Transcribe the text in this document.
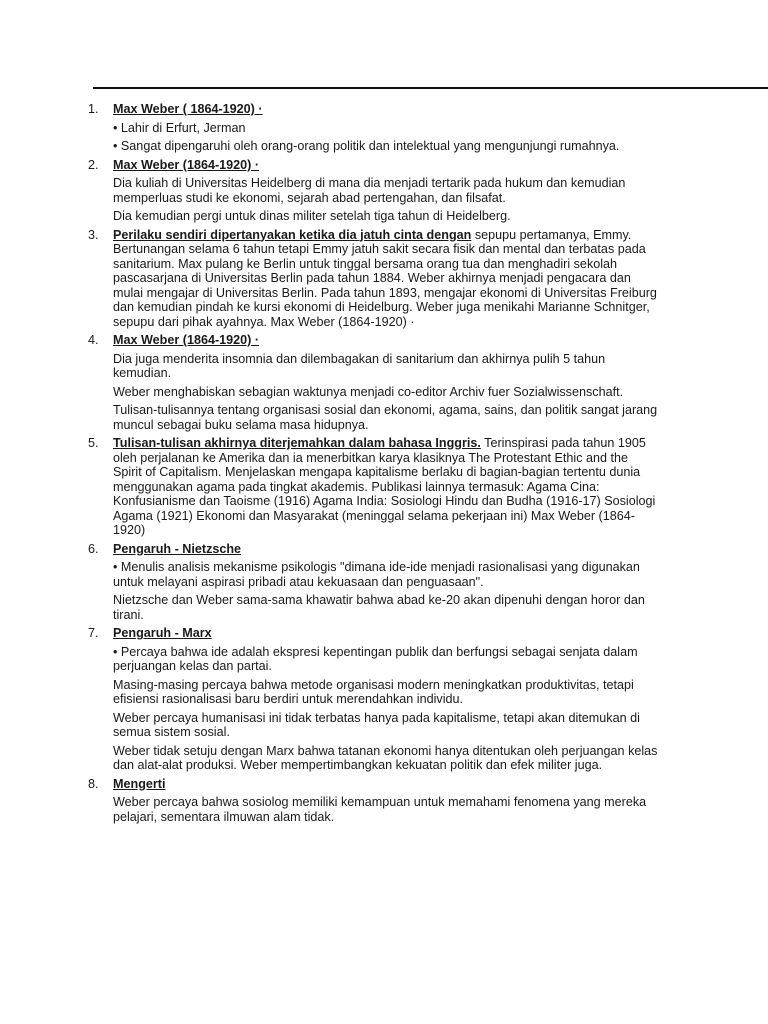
1.	Max Weber ( 1864-1920) ·

• Lahir di Erfurt, Jerman

• Sangat dipengaruhi oleh orang-orang politik dan intelektual yang mengunjungi rumahnya.

2.	Max Weber (1864-1920) ·

Dia kuliah di Universitas Heidelberg di mana dia menjadi tertarik pada hukum dan kemudian memperluas studi ke ekonomi, sejarah abad pertengahan, dan filsafat.

Dia kemudian pergi untuk dinas militer setelah tiga tahun di Heidelberg.

3.	Perilaku sendiri dipertanyakan ketika dia jatuh cinta dengan sepupu pertamanya, Emmy. Bertunangan selama 6 tahun tetapi Emmy jatuh sakit secara fisik dan mental dan terbatas pada sanitarium. Max pulang ke Berlin untuk tinggal bersama orang tua dan menghadiri sekolah pascasarjana di Universitas Berlin pada tahun 1884. Weber akhirnya menjadi pengacara dan mulai mengajar di Universitas Berlin. Pada tahun 1893, mengajar ekonomi di Universitas Freiburg dan kemudian pindah ke kursi ekonomi di Heidelburg. Weber juga menikahi Marianne Schnitger, sepupu dari pihak ayahnya. Max Weber (1864-1920) ·

4.	Max Weber (1864-1920) ·

Dia juga menderita insomnia dan dilembagakan di sanitarium dan akhirnya pulih 5 tahun kemudian.

Weber menghabiskan sebagian waktunya menjadi co-editor Archiv fuer Sozialwissenschaft.

Tulisan-tulisannya tentang organisasi sosial dan ekonomi, agama, sains, dan politik sangat jarang muncul sebagai buku selama masa hidupnya.

5.	Tulisan-tulisan akhirnya diterjemahkan dalam bahasa Inggris. Terinspirasi pada tahun 1905 oleh perjalanan ke Amerika dan ia menerbitkan karya klasiknya The Protestant Ethic and the Spirit of Capitalism. Menjelaskan mengapa kapitalisme berlaku di bagian-bagian tertentu dunia menggunakan agama pada tingkat akademis. Publikasi lainnya termasuk: Agama Cina: Konfusianisme dan Taoisme (1916) Agama India: Sosiologi Hindu dan Budha (1916-17) Sosiologi Agama (1921) Ekonomi dan Masyarakat (meninggal selama pekerjaan ini) Max Weber (1864-1920)

6.	Pengaruh - Nietzsche

• Menulis analisis mekanisme psikologis "dimana ide-ide menjadi rasionalisasi yang digunakan untuk melayani aspirasi pribadi atau kekuasaan dan penguasaan".

Nietzsche dan Weber sama-sama khawatir bahwa abad ke-20 akan dipenuhi dengan horor dan tirani.

7.	Pengaruh - Marx

• Percaya bahwa ide adalah ekspresi kepentingan publik dan berfungsi sebagai senjata dalam perjuangan kelas dan partai.

Masing-masing percaya bahwa metode organisasi modern meningkatkan produktivitas, tetapi efisiensi rasionalisasi baru berdiri untuk merendahkan individu.

Weber percaya humanisasi ini tidak terbatas hanya pada kapitalisme, tetapi akan ditemukan di semua sistem sosial.

Weber tidak setuju dengan Marx bahwa tatanan ekonomi hanya ditentukan oleh perjuangan kelas dan alat-alat produksi. Weber mempertimbangkan kekuatan politik dan efek militer juga.

8.	Mengerti

Weber percaya bahwa sosiolog memiliki kemampuan untuk memahami fenomena yang mereka pelajari, sementara ilmuwan alam tidak.
